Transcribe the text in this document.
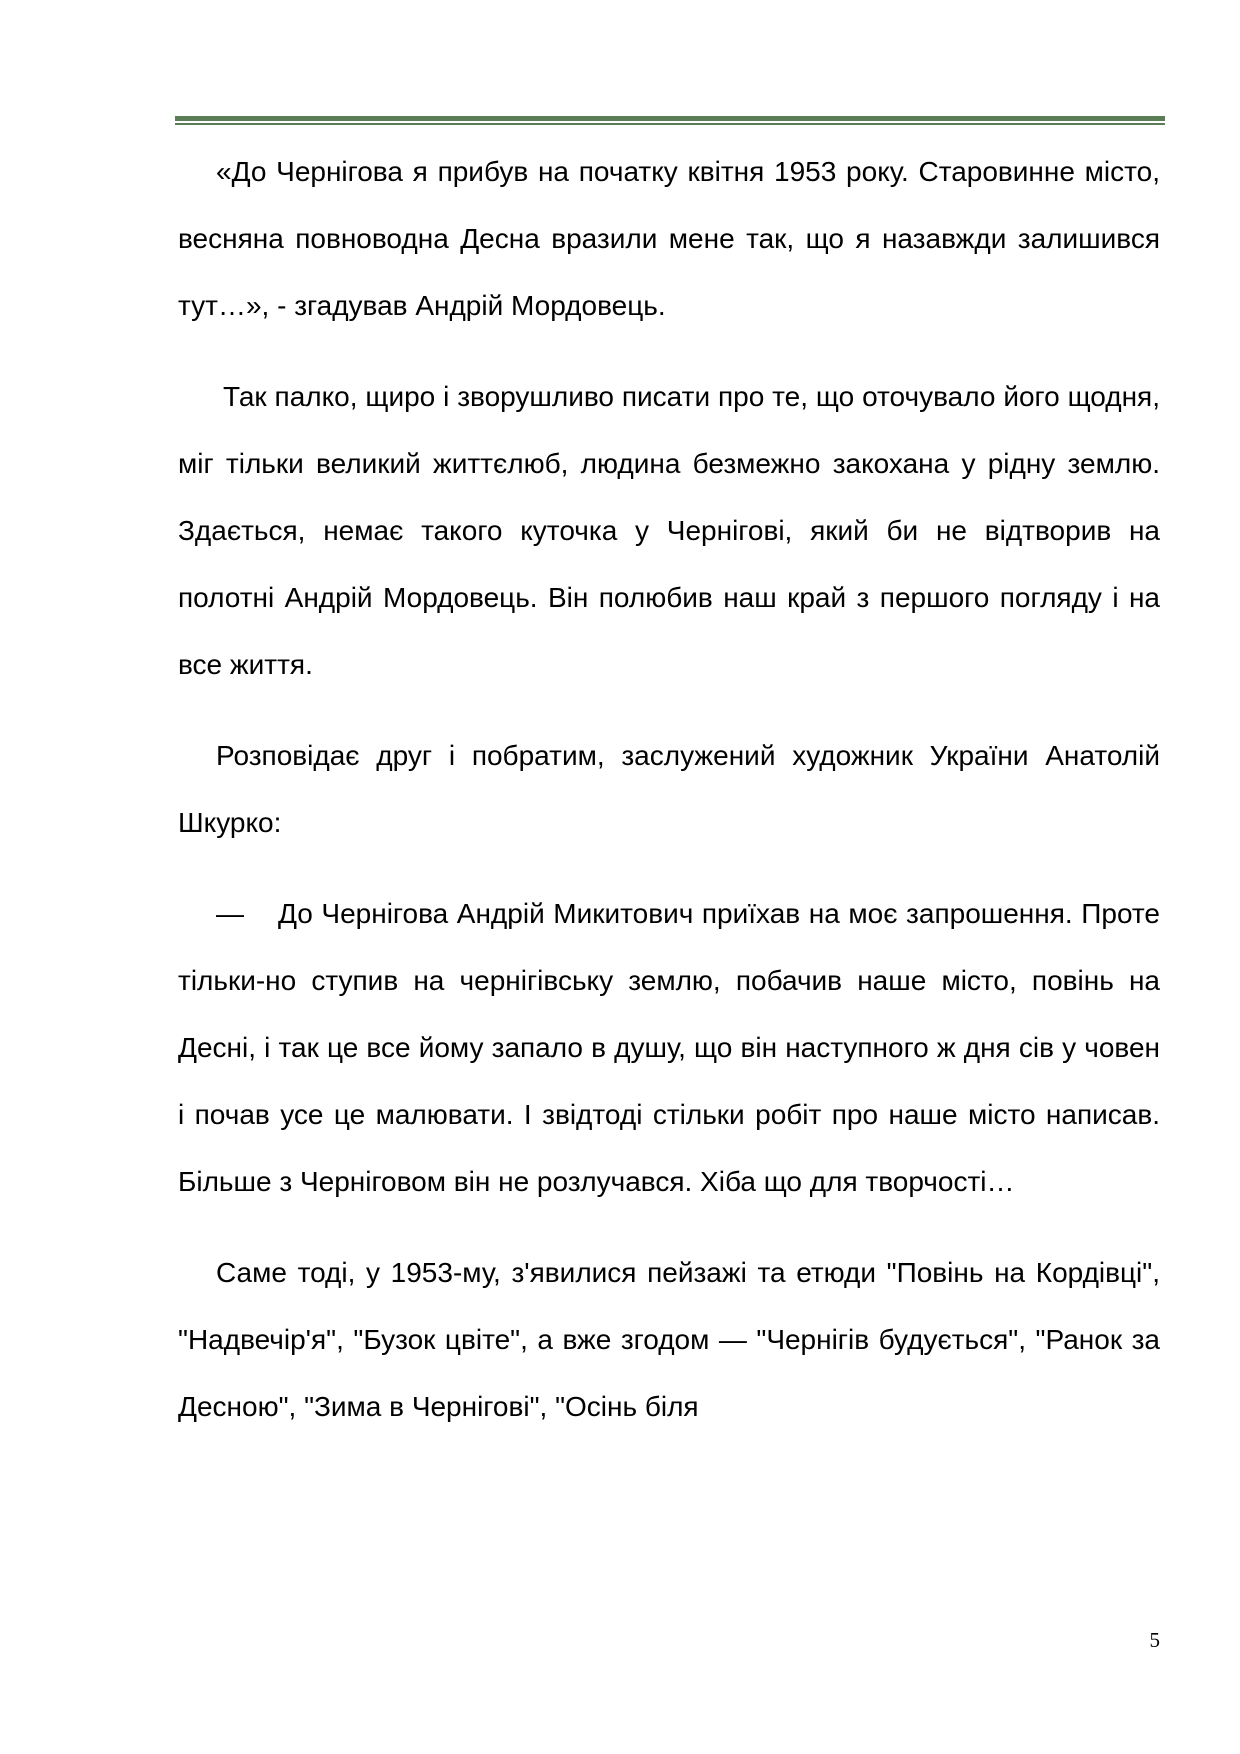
«До Чернігова я прибув на початку квітня 1953 року. Старовинне місто, весняна повноводна Десна вразили мене так, що я назавжди залишився тут…», - згадував Андрій Мордовець.

Так палко, щиро і зворушливо писати про те, що оточувало його щодня, міг тільки великий життєлюб, людина безмежно закохана у рідну землю. Здається, немає такого куточка у Чернігові, який би не відтворив на полотні Андрій Мордовець. Він полюбив наш край з першого погляду і на все життя.

Розповідає друг і побратим, заслужений художник України Анатолій Шкурко:

— До Чернігова Андрій Микитович приїхав на моє запрошення. Проте тільки-но ступив на чернігівську землю, побачив наше місто, повінь на Десні, і так це все йому запало в душу, що він наступного ж дня сів у човен і почав усе це малювати. І звідтоді стільки робіт про наше місто написав. Більше з Черніговом він не розлучався. Хіба що для творчості…

Саме тоді, у 1953-му, з'явилися пейзажі та етюди "Повінь на Кордівці", "Надвечір'я", "Бузок цвіте", а вже згодом — "Чернігів будується", "Ранок за Десною", "Зима в Чернігові", "Осінь біля

5
